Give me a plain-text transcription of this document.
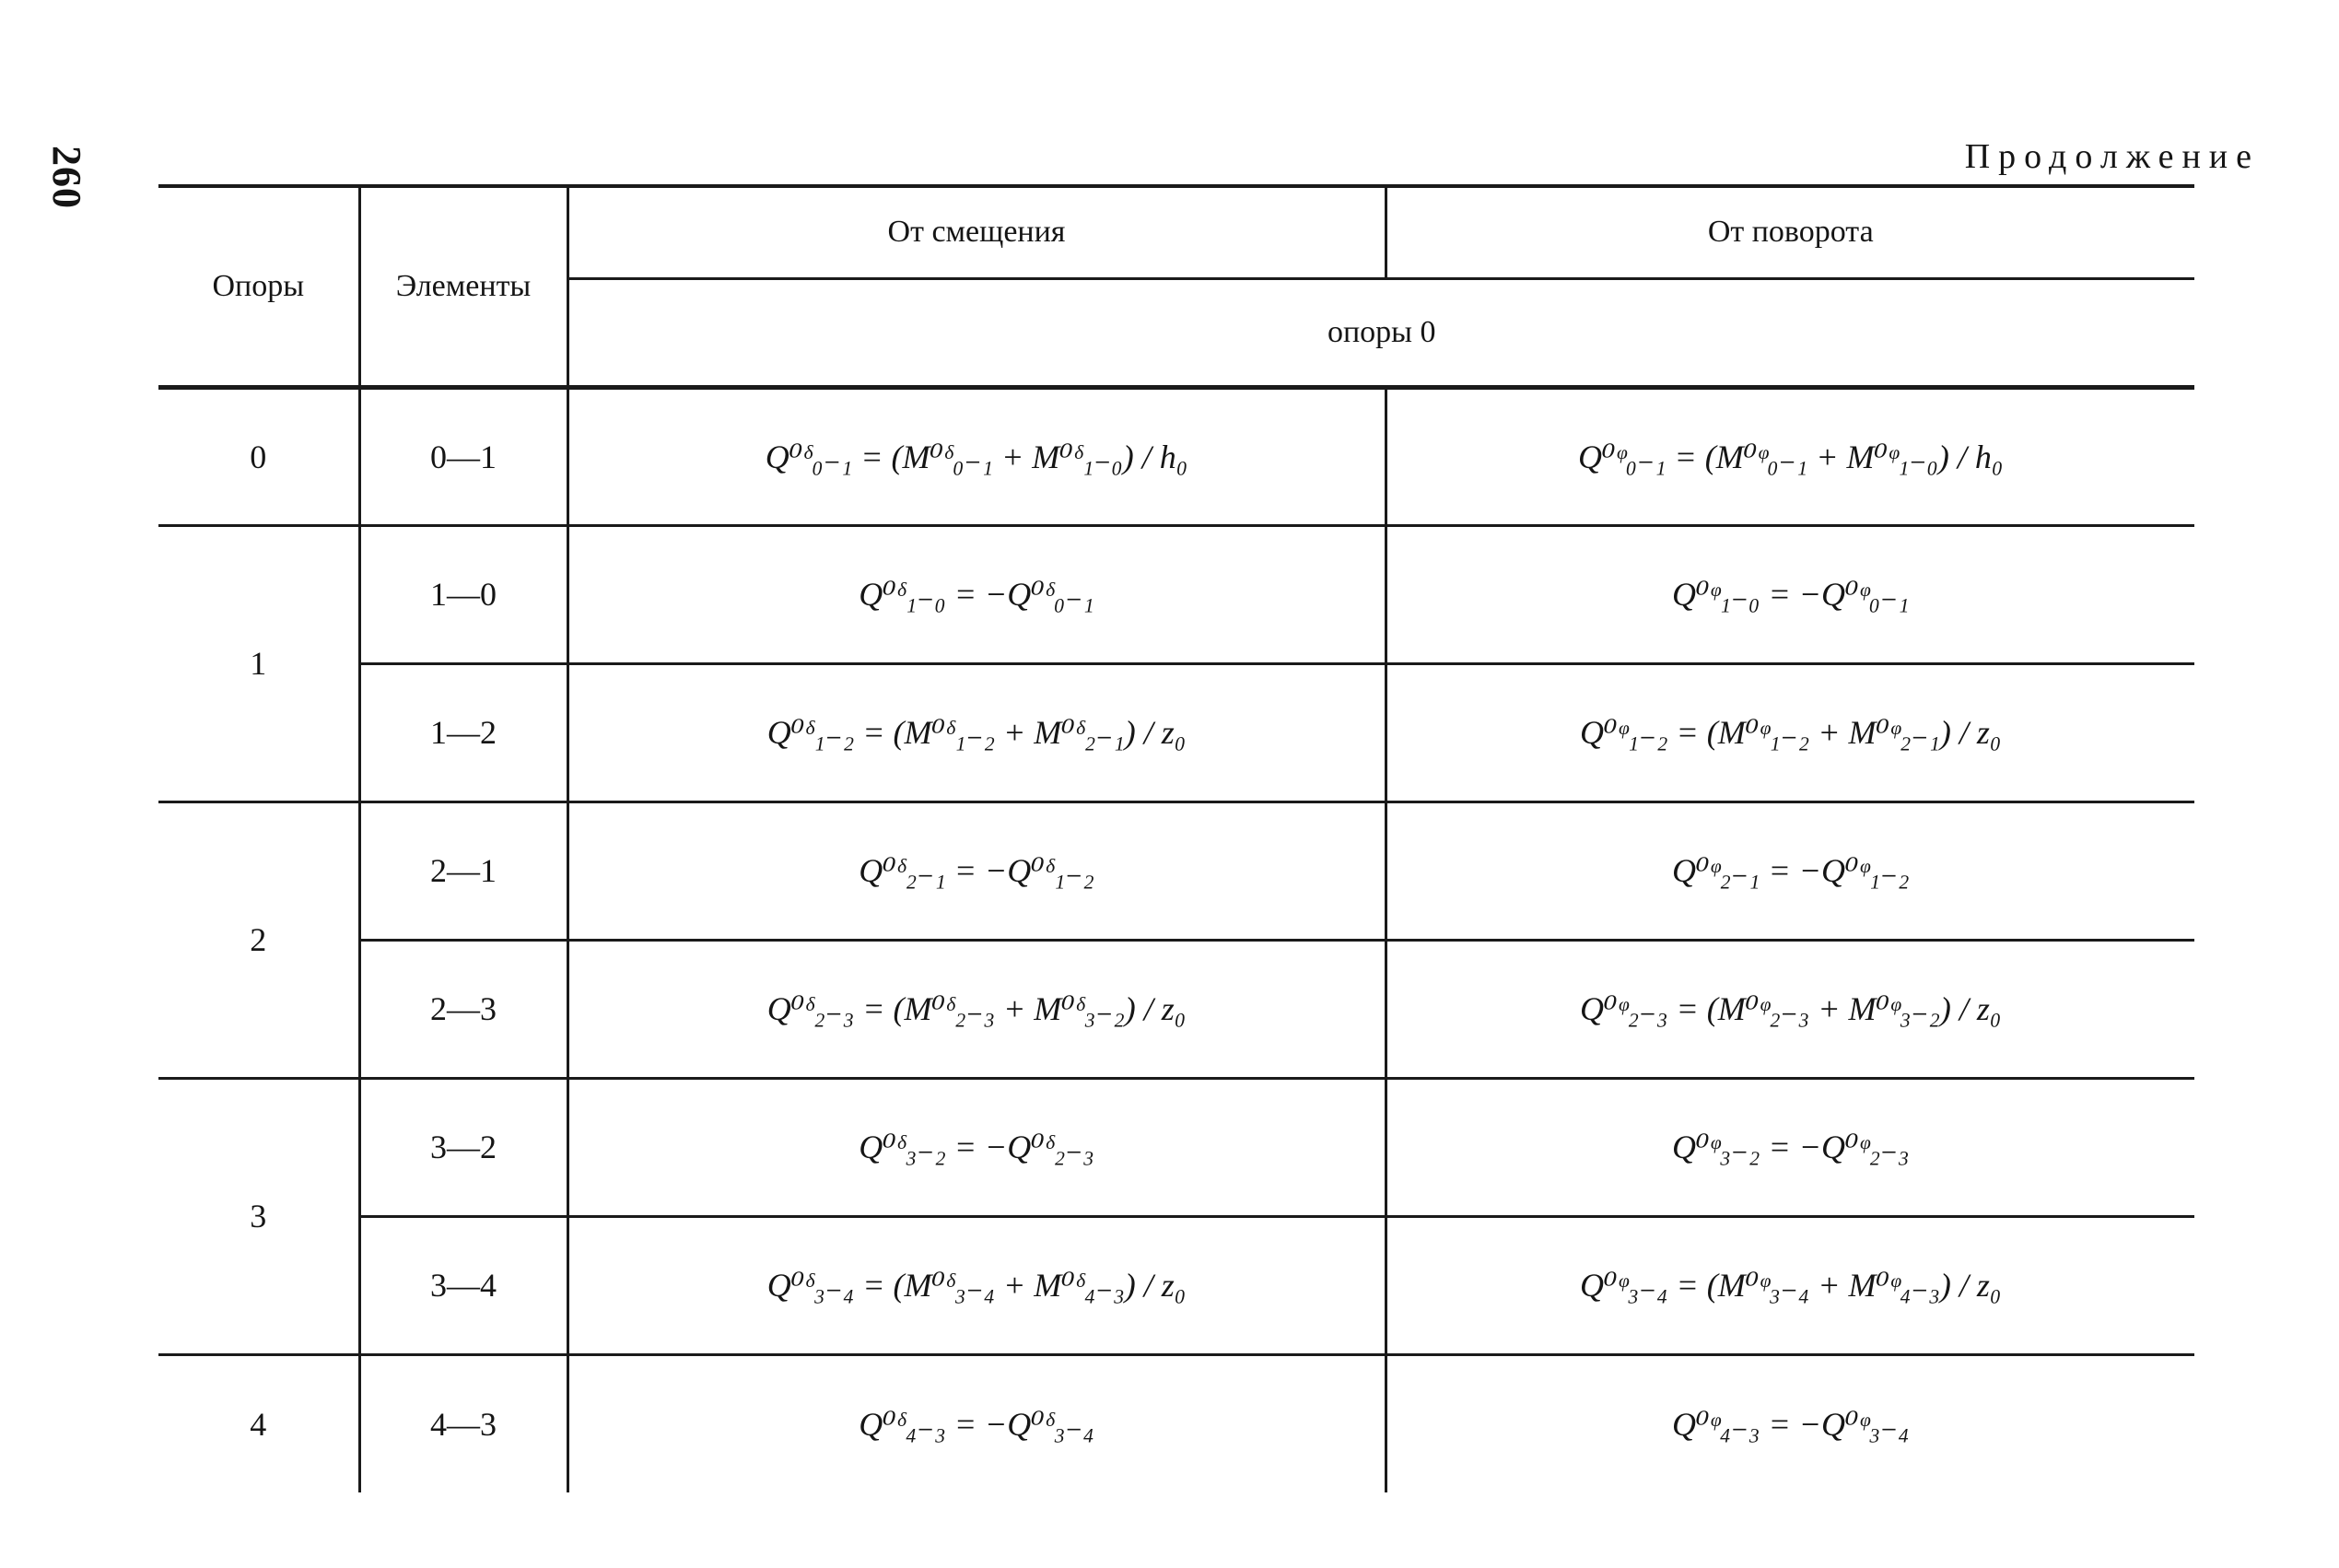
260	Продолжение
Опоры	Элементы	От смещения	От поворота
		опоры 0	
0	0—1	Q⁰ᵟ₀₋₁ = (M⁰ᵟ₀₋₁ + M⁰ᵟ₁₋₀) / h₀	Q⁰ᵠ₀₋₁ = (M⁰ᵠ₀₋₁ + M⁰ᵠ₁₋₀) / h₀
1	1—0	Q⁰ᵟ₁₋₀ = −Q⁰ᵟ₀₋₁	Q⁰ᵠ₁₋₀ = −Q⁰ᵠ₀₋₁
	1—2	Q⁰ᵟ₁₋₂ = (M⁰ᵟ₁₋₂ + M⁰ᵟ₂₋₁) / z₀	Q⁰ᵠ₁₋₂ = (M⁰ᵠ₁₋₂ + M⁰ᵠ₂₋₁) / z₀
2	2—1	Q⁰ᵟ₂₋₁ = −Q⁰ᵟ₁₋₂	Q⁰ᵠ₂₋₁ = −Q⁰ᵠ₁₋₂
	2—3	Q⁰ᵟ₂₋₃ = (M⁰ᵟ₂₋₃ + M⁰ᵟ₃₋₂) / z₀	Q⁰ᵠ₂₋₃ = (M⁰ᵠ₂₋₃ + M⁰ᵠ₃₋₂) / z₀
3	3—2	Q⁰ᵟ₃₋₂ = −Q⁰ᵟ₂₋₃	Q⁰ᵠ₃₋₂ = −Q⁰ᵠ₂₋₃
	3—4	Q⁰ᵟ₃₋₄ = (M⁰ᵟ₃₋₄ + M⁰ᵟ₄₋₃) / z₀	Q⁰ᵠ₃₋₄ = (M⁰ᵠ₃₋₄ + M⁰ᵠ₄₋₃) / z₀
4	4—3	Q⁰ᵟ₄₋₃ = −Q⁰ᵟ₃₋₄	Q⁰ᵠ₄₋₃ = −Q⁰ᵠ₃₋₄
